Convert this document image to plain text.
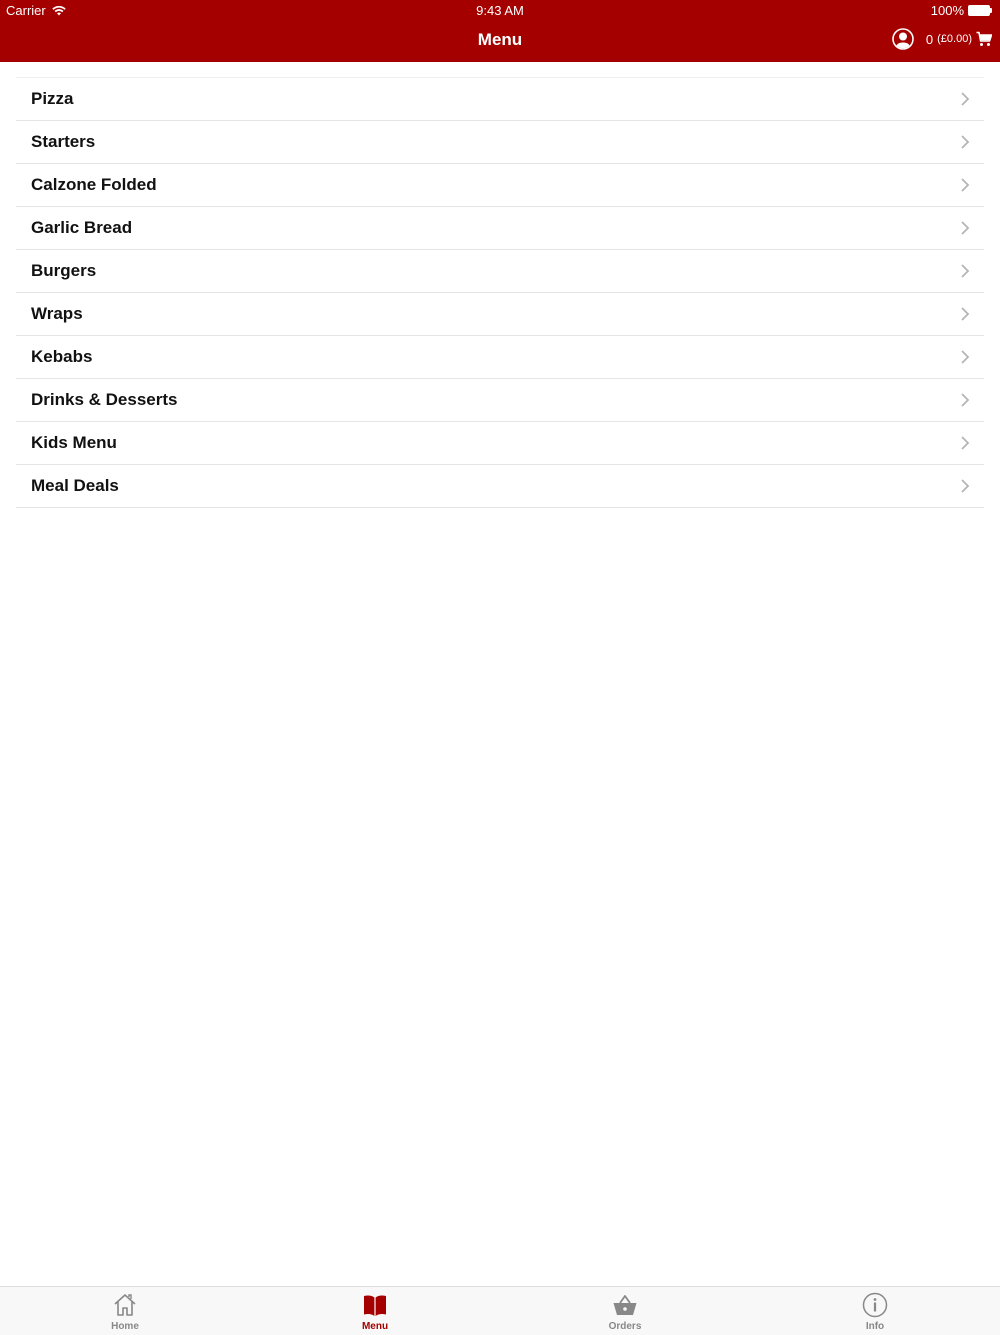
Carrier	9:43 AM	100%
Menu	0 (£0.00)
Pizza
Starters
Calzone Folded
Garlic Bread
Burgers
Wraps
Kebabs
Drinks & Desserts
Kids Menu
Meal Deals
Home	Menu	Orders	Info
